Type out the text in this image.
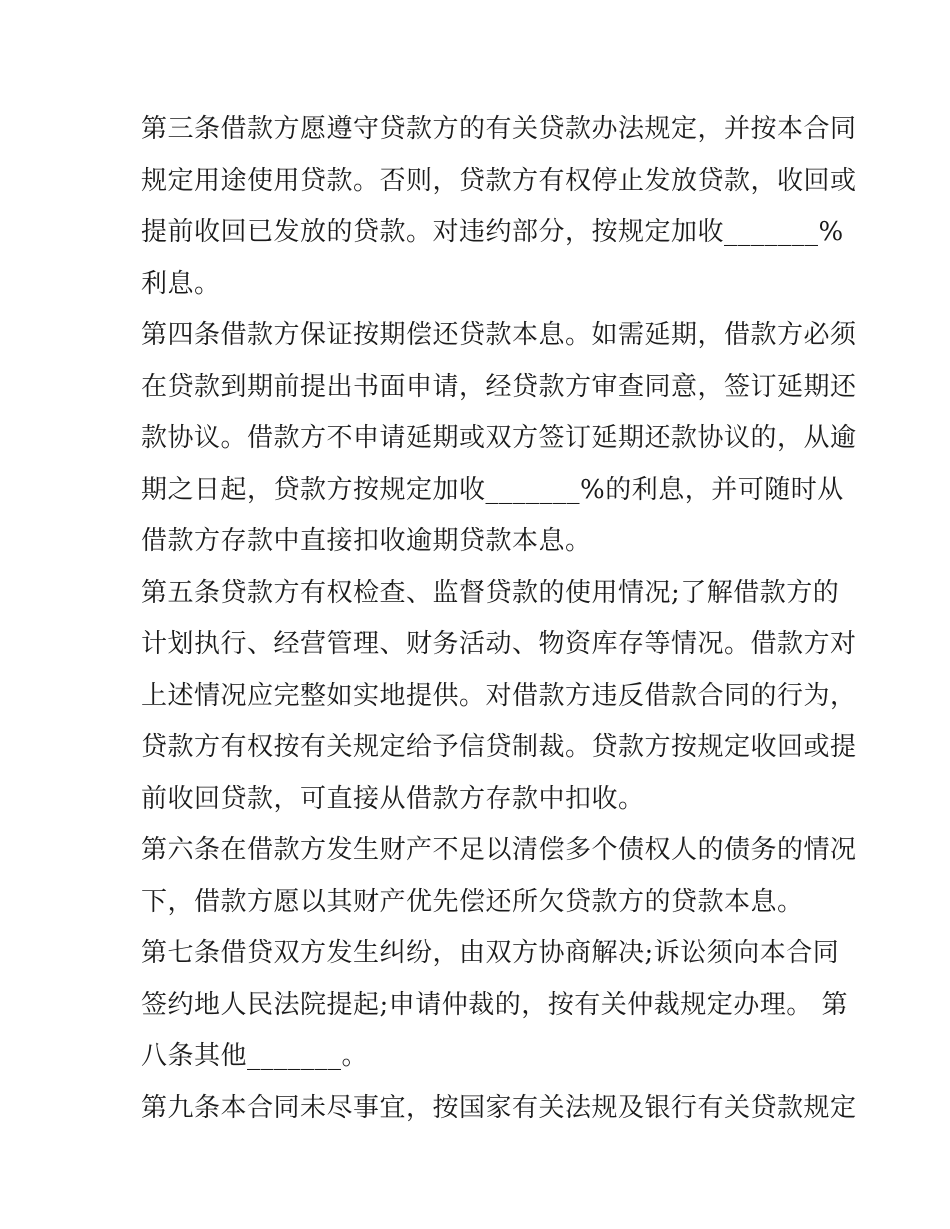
第三条借款方愿遵守贷款方的有关贷款办法规定，并按本合同
规定用途使用贷款。否则，贷款方有权停止发放贷款，收回或
提前收回已发放的贷款。对违约部分，按规定加收_______%
利息。
第四条借款方保证按期偿还贷款本息。如需延期，借款方必须
在贷款到期前提出书面申请，经贷款方审查同意，签订延期还
款协议。借款方不申请延期或双方签订延期还款协议的，从逾
期之日起，贷款方按规定加收_______%的利息，并可随时从
借款方存款中直接扣收逾期贷款本息。
第五条贷款方有权检查、监督贷款的使用情况;了解借款方的
计划执行、经营管理、财务活动、物资库存等情况。借款方对
上述情况应完整如实地提供。对借款方违反借款合同的行为，
贷款方有权按有关规定给予信贷制裁。贷款方按规定收回或提
前收回贷款，可直接从借款方存款中扣收。
第六条在借款方发生财产不足以清偿多个债权人的债务的情况
下，借款方愿以其财产优先偿还所欠贷款方的贷款本息。
第七条借贷双方发生纠纷，由双方协商解决;诉讼须向本合同
签约地人民法院提起;申请仲裁的，按有关仲裁规定办理。 第
八条其他_______。
第九条本合同未尽事宜，按国家有关法规及银行有关贷款规定
